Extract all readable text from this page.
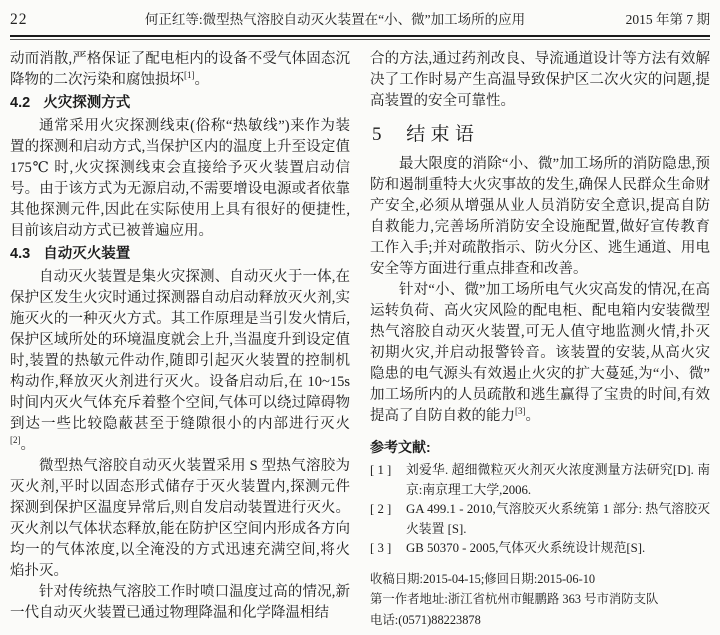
22	何正红等:微型热气溶胶自动灭火装置在“小、微”加工场所的应用	2015 年第 7 期

动而消散,严格保证了配电柜内的设备不受气体固态沉降物的二次污染和腐蚀损坏[1]。

4.2 火灾探测方式

通常采用火灾探测线束(俗称“热敏线”)来作为装置的探测和启动方式,当保护区内的温度上升至设定值 175℃ 时,火灾探测线束会直接给予灭火装置启动信号。由于该方式为无源启动,不需要增设电源或者依靠其他探测元件,因此在实际使用上具有很好的便捷性,目前该启动方式已被普遍应用。

4.3 自动灭火装置

自动灭火装置是集火灾探测、自动灭火于一体,在保护区发生火灾时通过探测器自动启动释放灭火剂,实施灭火的一种灭火方式。其工作原理是当引发火情后,保护区域所处的环境温度就会上升,当温度升到设定值时,装置的热敏元件动作,随即引起灭火装置的控制机构动作,释放灭火剂进行灭火。设备启动后,在 10~15s 时间内灭火气体充斥着整个空间,气体可以绕过障碍物到达一些比较隐蔽甚至于缝隙很小的内部进行灭火[2]。

微型热气溶胶自动灭火装置采用 S 型热气溶胶为灭火剂,平时以固态形式储存于灭火装置内,探测元件探测到保护区温度异常后,则自发启动装置进行灭火。灭火剂以气体状态释放,能在防护区空间内形成各方向均一的气体浓度,以全淹没的方式迅速充满空间,将火焰扑灭。

针对传统热气溶胶工作时喷口温度过高的情况,新一代自动灭火装置已通过物理降温和化学降温相结

合的方法,通过药剂改良、导流通道设计等方法有效解决了工作时易产生高温导致保护区二次火灾的问题,提高装置的安全可靠性。

5 结束语

最大限度的消除“小、微”加工场所的消防隐患,预防和遏制重特大火灾事故的发生,确保人民群众生命财产安全,必须从增强从业人员消防安全意识,提高自防自救能力,完善场所消防安全设施配置,做好宣传教育工作入手;并对疏散指示、防火分区、逃生通道、用电安全等方面进行重点排查和改善。

针对“小、微”加工场所电气火灾高发的情况,在高运转负荷、高火灾风险的配电柜、配电箱内安装微型热气溶胶自动灭火装置,可无人值守地监测火情,扑灭初期火灾,并启动报警铃音。该装置的安装,从高火灾隐患的电气源头有效遏止火灾的扩大蔓延,为“小、微”加工场所内的人员疏散和逃生赢得了宝贵的时间,有效提高了自防自救的能力[3]。

参考文献:

[ 1 ]	刘爱华. 超细微粒灭火剂灭火浓度测量方法研究[D]. 南京:南京理工大学,2006.
[ 2 ]	GA 499.1 - 2010,气溶胶灭火系统第 1 部分: 热气溶胶灭火装置 [S].
[ 3 ]	GB 50370 - 2005,气体灭火系统设计规范[S].
收稿日期:2015-04-15;修回日期:2015-06-10
第一作者地址:浙江省杭州市鲲鹏路 363 号市消防支队
电话:(0571)88223878
